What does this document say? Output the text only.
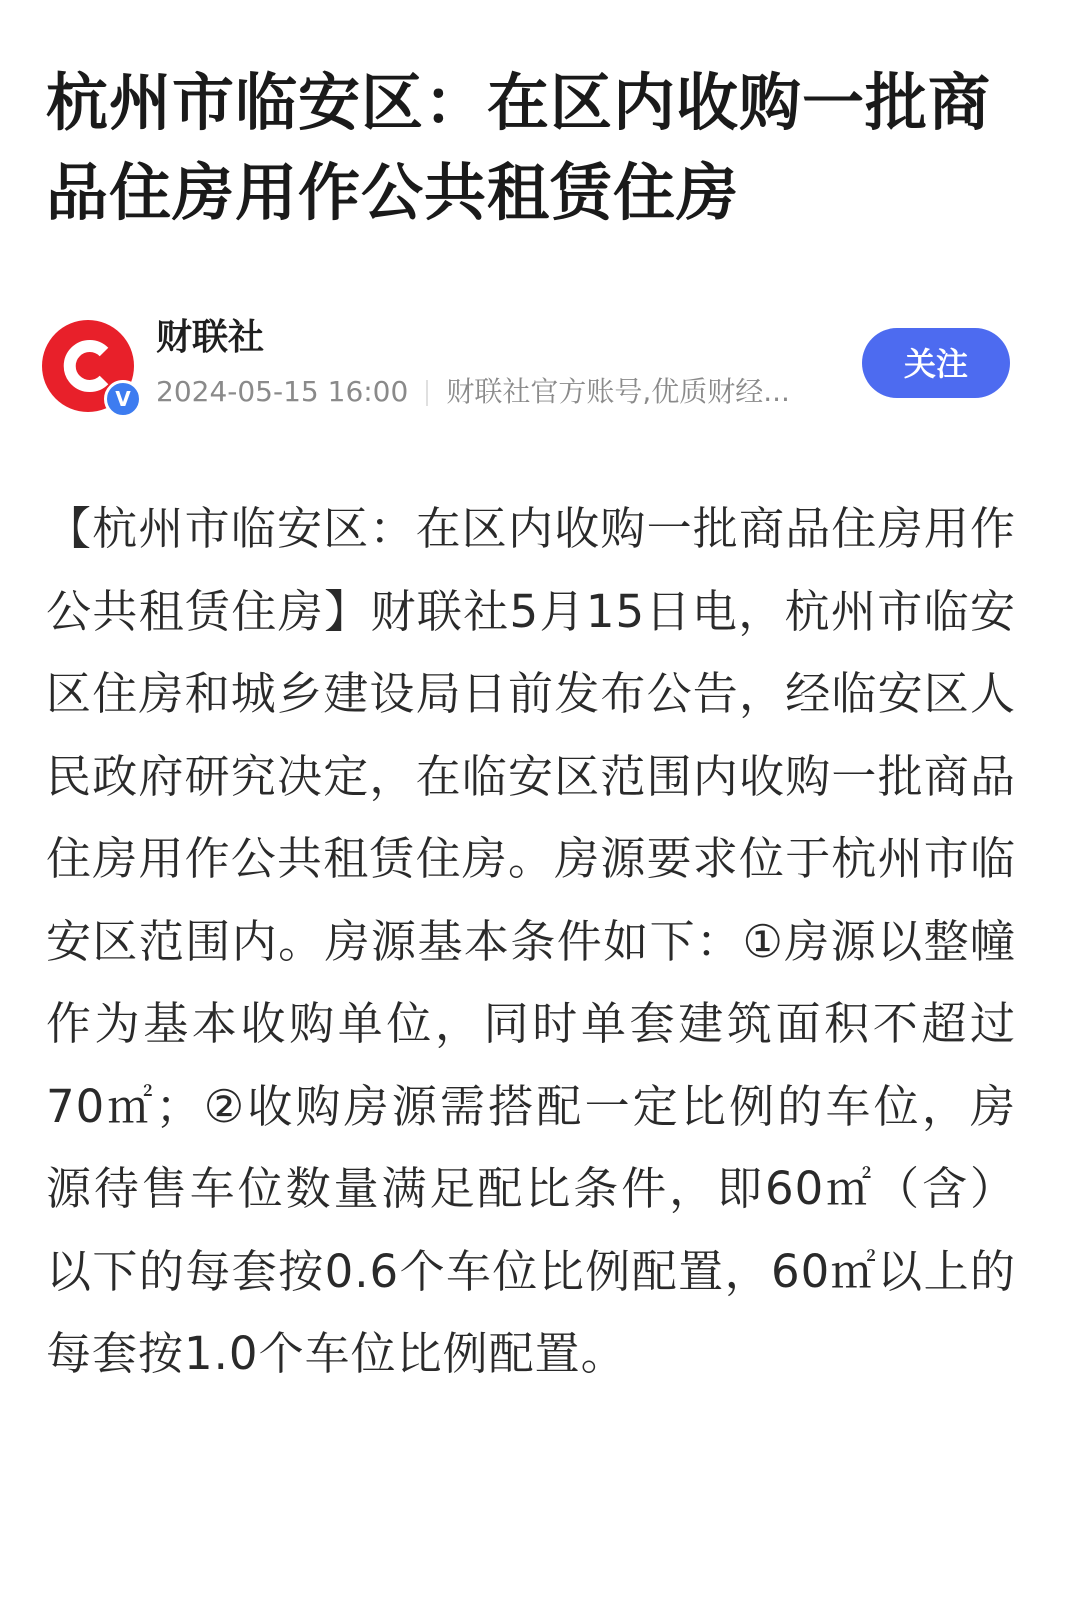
杭州市临安区：在区内收购一批商品住房用作公共租赁住房
V
财联社
2024-05-15 16:00 财联社官方账号,优质财经...
关注

【杭州市临安区：在区内收购一批商品住房用作公共租赁住房】财联社5月15日电，杭州市临安区住房和城乡建设局日前发布公告，经临安区人民政府研究决定，在临安区范围内收购一批商品住房用作公共租赁住房。房源要求位于杭州市临安区范围内。房源基本条件如下：①房源以整幢作为基本收购单位，同时单套建筑面积不超过70㎡；②收购房源需搭配一定比例的车位，房源待售车位数量满足配比条件，即60㎡（含）以下的每套按0.6个车位比例配置，60㎡以上的每套按1.0个车位比例配置。
